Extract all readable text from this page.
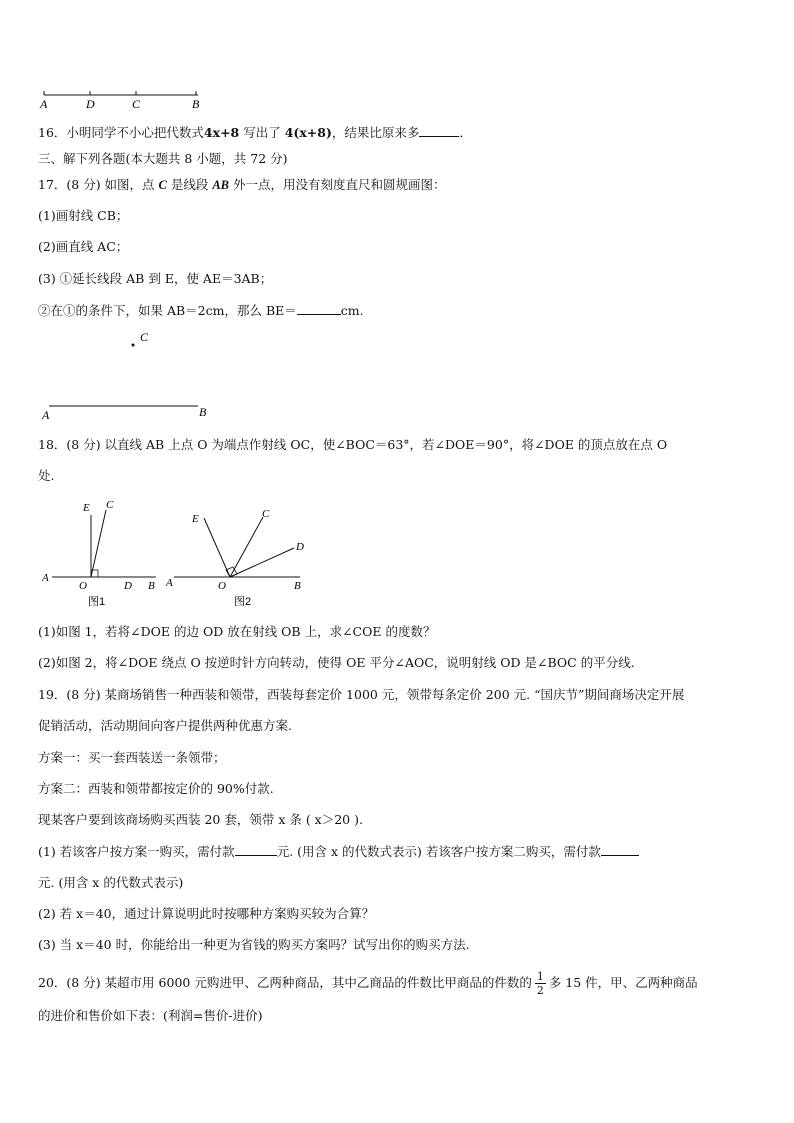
A	D	C	B
16．小明同学不小心把代数式4x+8 写出了 4(x+8)，结果比原来多	．
三、解下列各题(本大题共 8 小题，共 72 分)
17．(8 分) 如图，点 C 是线段 AB 外一点，用没有刻度直尺和圆规画图：
(1)画射线 CB；
(2)画直线 AC；
(3) ①延长线段 AB 到 E，使 AE＝3AB；
②在①的条件下，如果 AB＝2cm，那么 BE＝	cm.
C
A	B
18．(8 分) 以直线 AB 上点 O 为端点作射线 OC，使∠BOC＝63°，若∠DOE＝90°，将∠DOE 的顶点放在点 O
处.
E C
A
O	D B
图1
E	C
D
A	O	B
图2
(1)如图 1，若将∠DOE 的边 OD 放在射线 OB 上，求∠COE 的度数？
(2)如图 2，将∠DOE 绕点 O 按逆时针方向转动，使得 OE 平分∠AOC，说明射线 OD 是∠BOC 的平分线.
19．(8 分) 某商场销售一种西装和领带，西装每套定价 1000 元，领带每条定价 200 元. “国庆节”期间商场决定开展
促销活动，活动期间向客户提供两种优惠方案.
方案一：买一套西装送一条领带；
方案二：西装和领带都按定价的 90%付款.
现某客户要到该商场购买西装 20 套，领带 x 条 ( x＞20 ).
(1) 若该客户按方案一购买，需付款	元. (用含 x 的代数式表示) 若该客户按方案二购买，需付款
元. (用含 x 的代数式表示)
(2) 若 x＝40，通过计算说明此时按哪种方案购买较为合算？
(3) 当 x＝40 时，你能给出一种更为省钱的购买方案吗？试写出你的购买方法.
20．(8 分) 某超市用 6000 元购进甲、乙两种商品，其中乙商品的件数比甲商品的件数的 $\frac{1}{2}$ 多 15 件，甲、乙两种商品
的进价和售价如下表：(利润=售价-进价)
